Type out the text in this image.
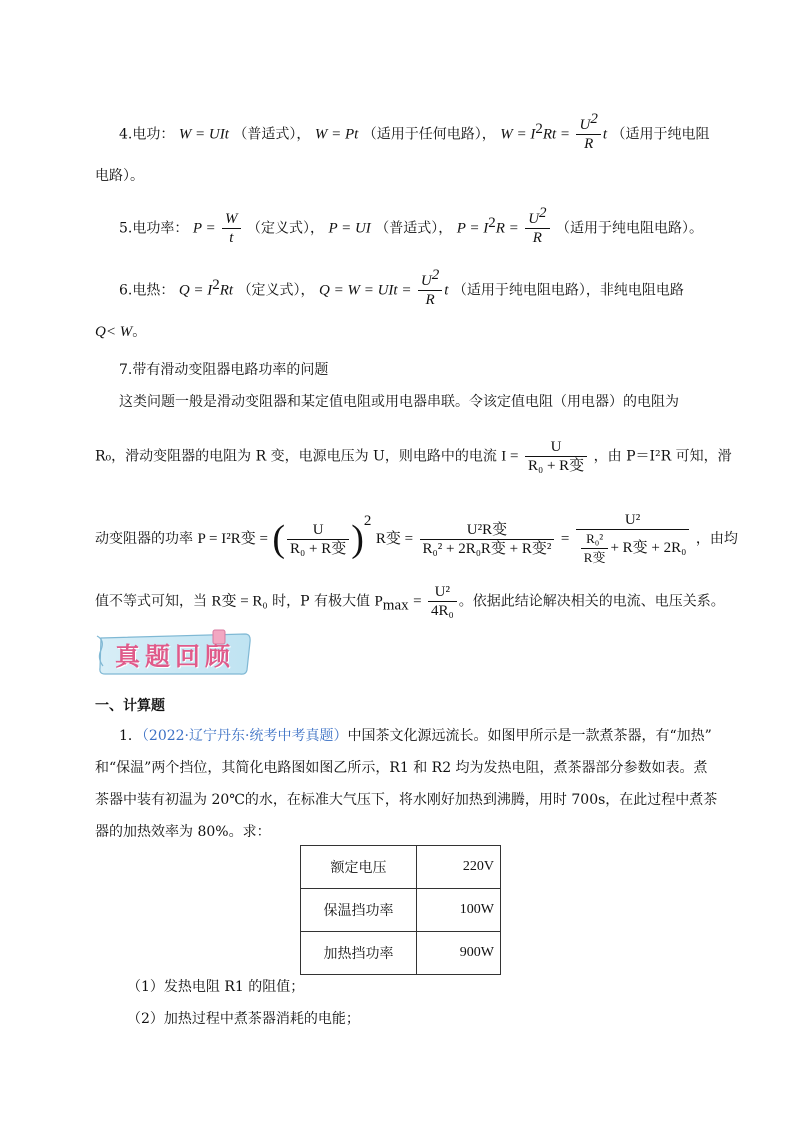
4.电功： W = UIt （普适式）， W = Pt （适用于任何电路）， $W = I^2Rt = \frac{U^2}{R}$ t （适用于纯电阻
电路）。
5.电功率： $P = \frac{W}{t}$ （定义式）， P = UI （普适式）， $P = I^2R = \frac{U^2}{R}$ （适用于纯电阻电路）。
6.电热： $Q = I^2Rt$ （定义式）， Q = W = UIt = $\frac{U^2}{R}$ t （适用于纯电阻电路），非纯电阻电路
Q< W。
7.带有滑动变阻器电路功率的问题
这类问题一般是滑动变阻器和某定值电阻或用电器串联。令该定值电阻（用电器）的电阻为
R₀，滑动变阻器的电阻为 R 变，电源电压为 U，则电路中的电流 $I = \frac{U}{\text{R₀ + R变}}$ ，由 P＝I²R 可知，滑
动变阻器的功率 P = I²R变 = ( $\frac{U}{\text{R₀ + R变}} )^2$ R变 = $\frac{\text{U²R变}}{\text{R₀² + 2R₀R变 + R变²}} = \frac{\text{U²}}{\frac{\text{R₀²}}{\text{R变}} + R变 + 2R_0}$ ，由均
值不等式可知，当 R变 = R₀ 时，P 有极大值 $P_{max} = \frac{\text{U²}}{\text{4R₀}}$ 。依据此结论解决相关的电流、电压关系。
真题回顾
一、计算题
1．（2022·辽宁丹东·统考中考真题）中国茶文化源远流长。如图甲所示是一款煮茶器，有“加热”
和“保温”两个挡位，其简化电路图如图乙所示，R1 和 R2 均为发热电阻，煮茶器部分参数如表。煮
茶器中装有初温为 20℃的水，在标准大气压下，将水刚好加热到沸腾，用时 700s，在此过程中煮茶
器的加热效率为 80%。求：
额定电压	220V
保温挡功率	100W
加热挡功率	900W
（1）发热电阻 R1 的阻值；
（2）加热过程中煮茶器消耗的电能；
